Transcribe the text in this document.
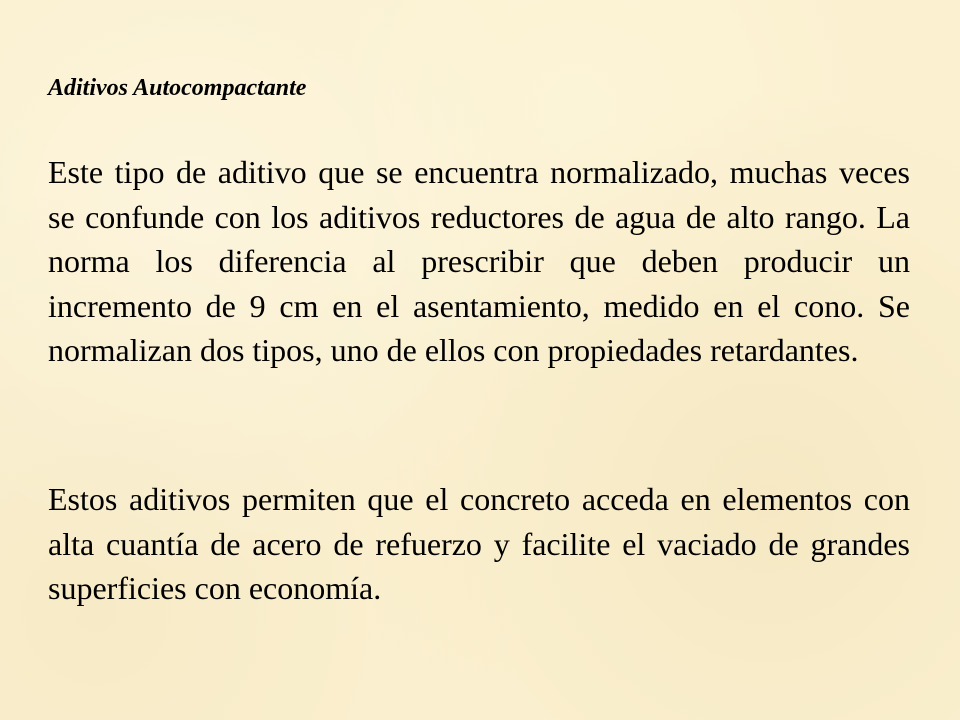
Aditivos Autocompactante

Este tipo de aditivo que se encuentra normalizado, muchas veces se confunde con los aditivos reductores de agua de alto rango. La norma los diferencia al prescribir que deben producir un incremento de 9 cm en el asentamiento, medido en el cono. Se normalizan dos tipos, uno de ellos con propiedades retardantes.

Estos aditivos permiten que el concreto acceda en elementos con alta cuantía de acero de refuerzo y facilite el vaciado de grandes superficies con economía.
